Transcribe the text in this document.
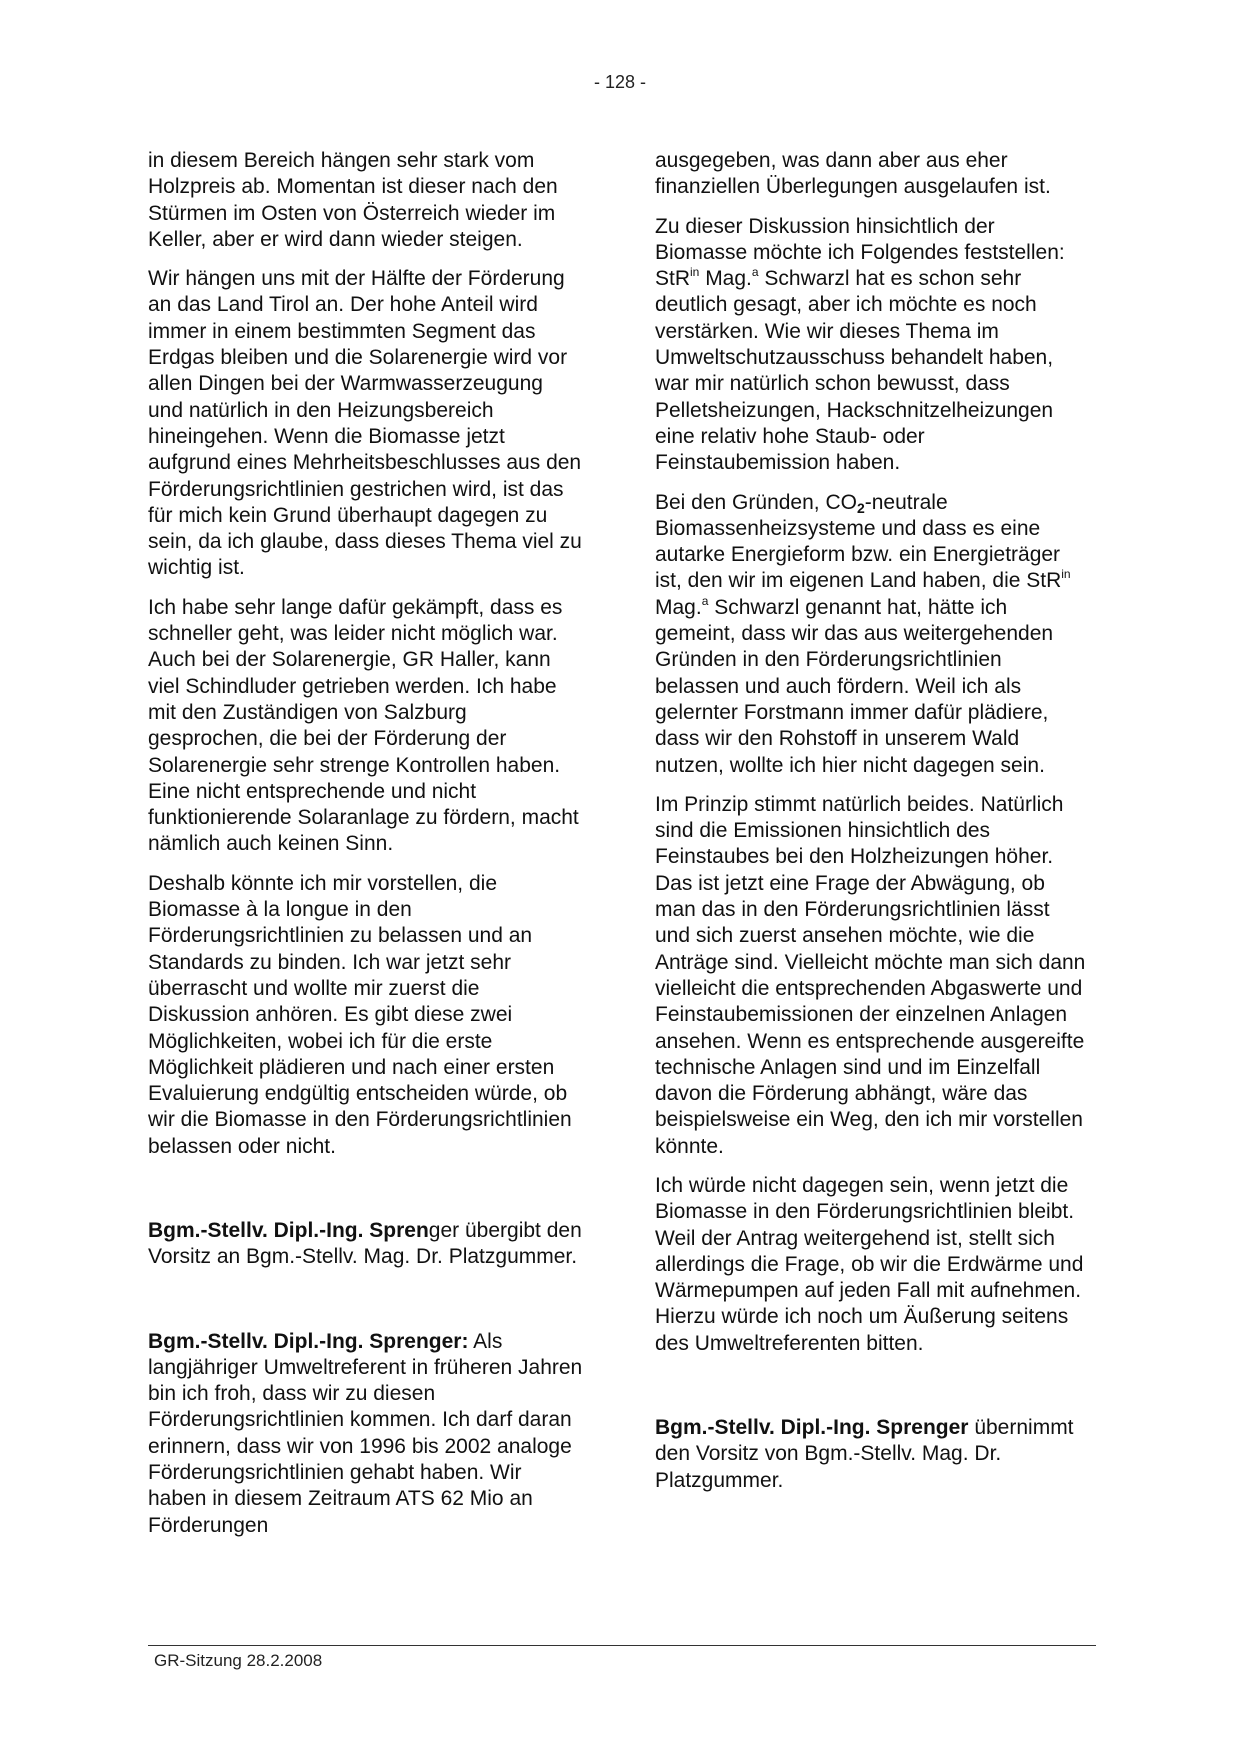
- 128 -

in diesem Bereich hängen sehr stark vom Holzpreis ab. Momentan ist dieser nach den Stürmen im Osten von Österreich wieder im Keller, aber er wird dann wieder steigen.

Wir hängen uns mit der Hälfte der Förderung an das Land Tirol an. Der hohe Anteil wird immer in einem bestimmten Segment das Erdgas bleiben und die Solarenergie wird vor allen Dingen bei der Warmwasserzeugung und natürlich in den Heizungsbereich hineingehen. Wenn die Biomasse jetzt aufgrund eines Mehrheitsbeschlusses aus den Förderungsrichtlinien gestrichen wird, ist das für mich kein Grund überhaupt dagegen zu sein, da ich glaube, dass dieses Thema viel zu wichtig ist.

Ich habe sehr lange dafür gekämpft, dass es schneller geht, was leider nicht möglich war. Auch bei der Solarenergie, GR Haller, kann viel Schindluder getrieben werden. Ich habe mit den Zuständigen von Salzburg gesprochen, die bei der Förderung der Solarenergie sehr strenge Kontrollen haben. Eine nicht entsprechende und nicht funktionierende Solaranlage zu fördern, macht nämlich auch keinen Sinn.

Deshalb könnte ich mir vorstellen, die Biomasse à la longue in den Förderungsrichtlinien zu belassen und an Standards zu binden. Ich war jetzt sehr überrascht und wollte mir zuerst die Diskussion anhören. Es gibt diese zwei Möglichkeiten, wobei ich für die erste Möglichkeit plädieren und nach einer ersten Evaluierung endgültig entscheiden würde, ob wir die Biomasse in den Förderungsrichtlinien belassen oder nicht.

Bgm.-Stellv. Dipl.-Ing. Sprenger übergibt den Vorsitz an Bgm.-Stellv. Mag. Dr. Platzgummer.

Bgm.-Stellv. Dipl.-Ing. Sprenger: Als langjähriger Umweltreferent in früheren Jahren bin ich froh, dass wir zu diesen Förderungsrichtlinien kommen. Ich darf daran erinnern, dass wir von 1996 bis 2002 analoge Förderungsrichtlinien gehabt haben. Wir haben in diesem Zeitraum ATS 62 Mio an Förderungen

ausgegeben, was dann aber aus eher finanziellen Überlegungen ausgelaufen ist.

Zu dieser Diskussion hinsichtlich der Biomasse möchte ich Folgendes feststellen: StR$^{in}$ Mag.$^a$ Schwarzl hat es schon sehr deutlich gesagt, aber ich möchte es noch verstärken. Wie wir dieses Thema im Umweltschutzausschuss behandelt haben, war mir natürlich schon bewusst, dass Pelletsheizungen, Hackschnitzelheizungen eine relativ hohe Staub- oder Feinstaubemission haben.

Bei den Gründen, $CO_2$-neutrale Biomassenheizsysteme und dass es eine autarke Energieform bzw. ein Energieträger ist, den wir im eigenen Land haben, die StR$^{in}$ Mag.$^a$ Schwarzl genannt hat, hätte ich gemeint, dass wir das aus weitergehenden Gründen in den Förderungsrichtlinien belassen und auch fördern. Weil ich als gelernter Forstmann immer dafür plädiere, dass wir den Rohstoff in unserem Wald nutzen, wollte ich hier nicht dagegen sein.

Im Prinzip stimmt natürlich beides. Natürlich sind die Emissionen hinsichtlich des Feinstaubes bei den Holzheizungen höher. Das ist jetzt eine Frage der Abwägung, ob man das in den Förderungsrichtlinien lässt und sich zuerst ansehen möchte, wie die Anträge sind. Vielleicht möchte man sich dann vielleicht die entsprechenden Abgaswerte und Feinstaubemissionen der einzelnen Anlagen ansehen. Wenn es entsprechende ausgereifte technische Anlagen sind und im Einzelfall davon die Förderung abhängt, wäre das beispielsweise ein Weg, den ich mir vorstellen könnte.

Ich würde nicht dagegen sein, wenn jetzt die Biomasse in den Förderungsrichtlinien bleibt. Weil der Antrag weitergehend ist, stellt sich allerdings die Frage, ob wir die Erdwärme und Wärmepumpen auf jeden Fall mit aufnehmen. Hierzu würde ich noch um Äußerung seitens des Umweltreferenten bitten.

Bgm.-Stellv. Dipl.-Ing. Sprenger übernimmt den Vorsitz von Bgm.-Stellv. Mag. Dr. Platzgummer.

GR-Sitzung 28.2.2008
